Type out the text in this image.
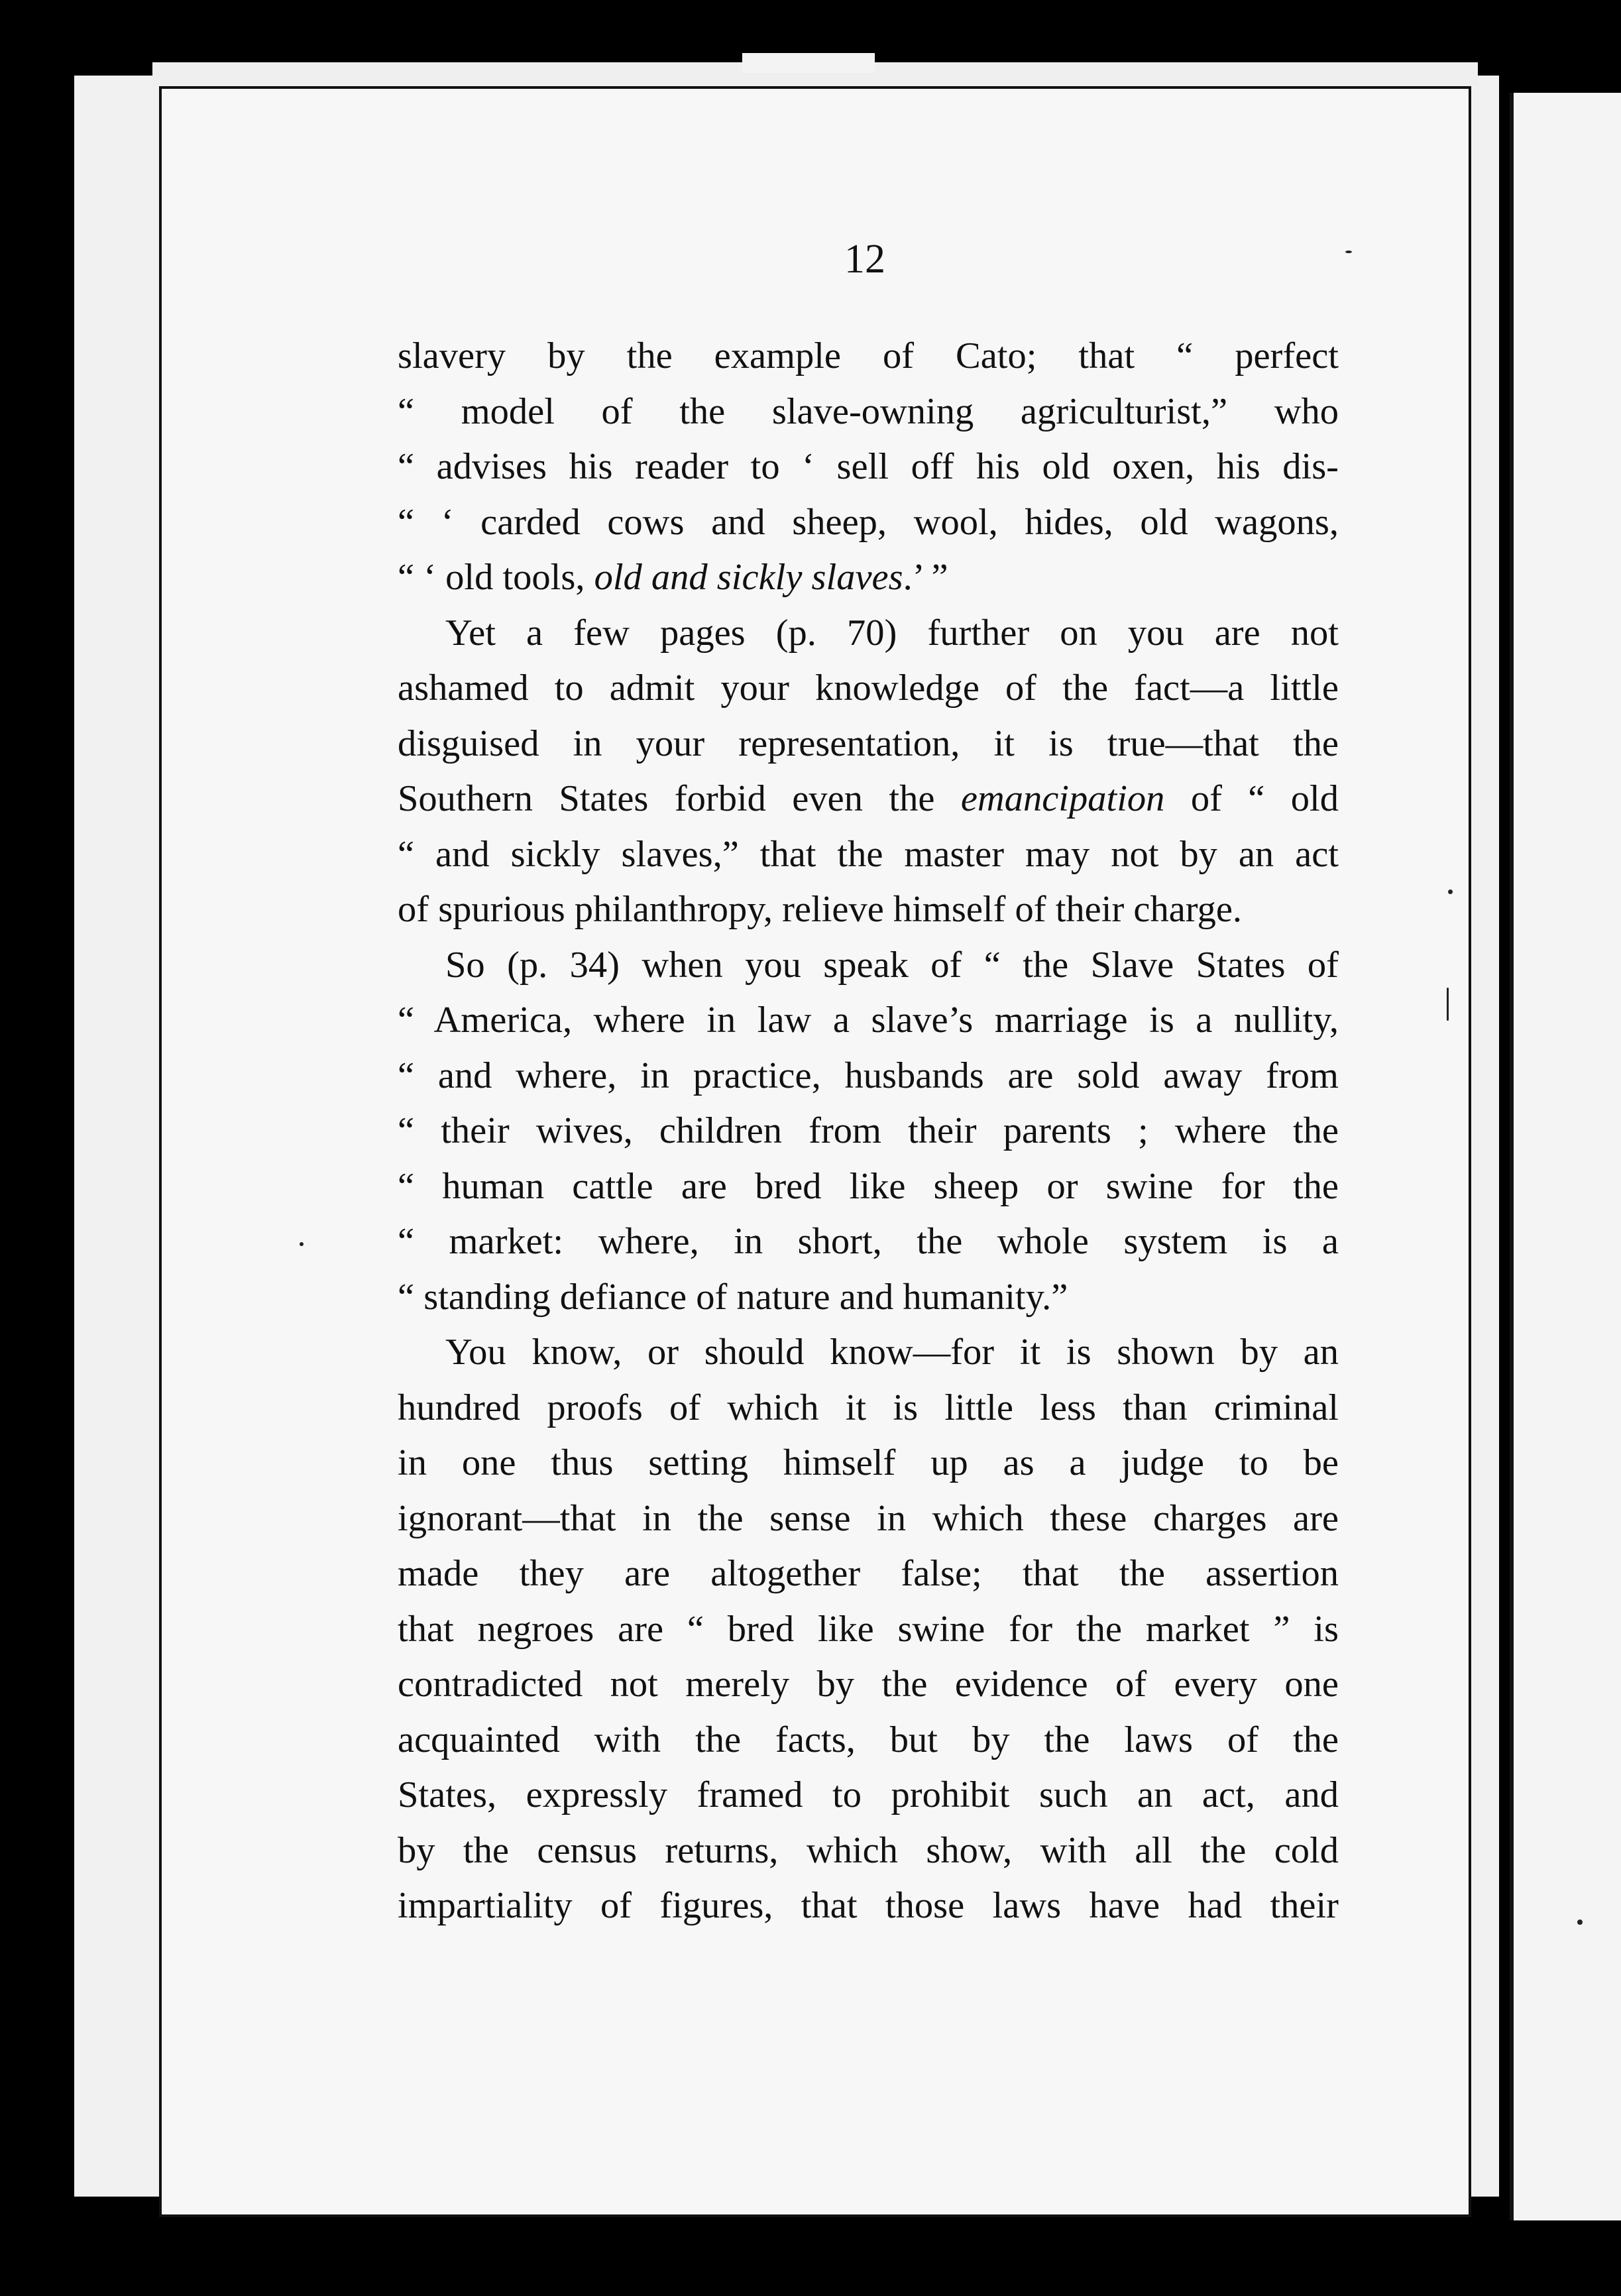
12
slavery by the example of Cato; that “ perfect
“ model of the slave-owning agriculturist,” who
“ advises his reader to ‘ sell off his old oxen, his dis-
“ ‘ carded cows and sheep, wool, hides, old wagons,
“ ‘ old tools, old and sickly slaves.’ ”
Yet a few pages (p. 70) further on you are not
ashamed to admit your knowledge of the fact—a little
disguised in your representation, it is true—that the
Southern States forbid even the emancipation of “ old
“ and sickly slaves,” that the master may not by an act
of spurious philanthropy, relieve himself of their charge.
So (p. 34) when you speak of “ the Slave States of
“ America, where in law a slave’s marriage is a nullity,
“ and where, in practice, husbands are sold away from
“ their wives, children from their parents ; where the
“ human cattle are bred like sheep or swine for the
“ market: where, in short, the whole system is a
“ standing defiance of nature and humanity.”
You know, or should know—for it is shown by an
hundred proofs of which it is little less than criminal
in one thus setting himself up as a judge to be
ignorant—that in the sense in which these charges are
made they are altogether false; that the assertion
that negroes are “ bred like swine for the market ” is
contradicted not merely by the evidence of every one
acquainted with the facts, but by the laws of the
States, expressly framed to prohibit such an act, and
by the census returns, which show, with all the cold
impartiality of figures, that those laws have had their
